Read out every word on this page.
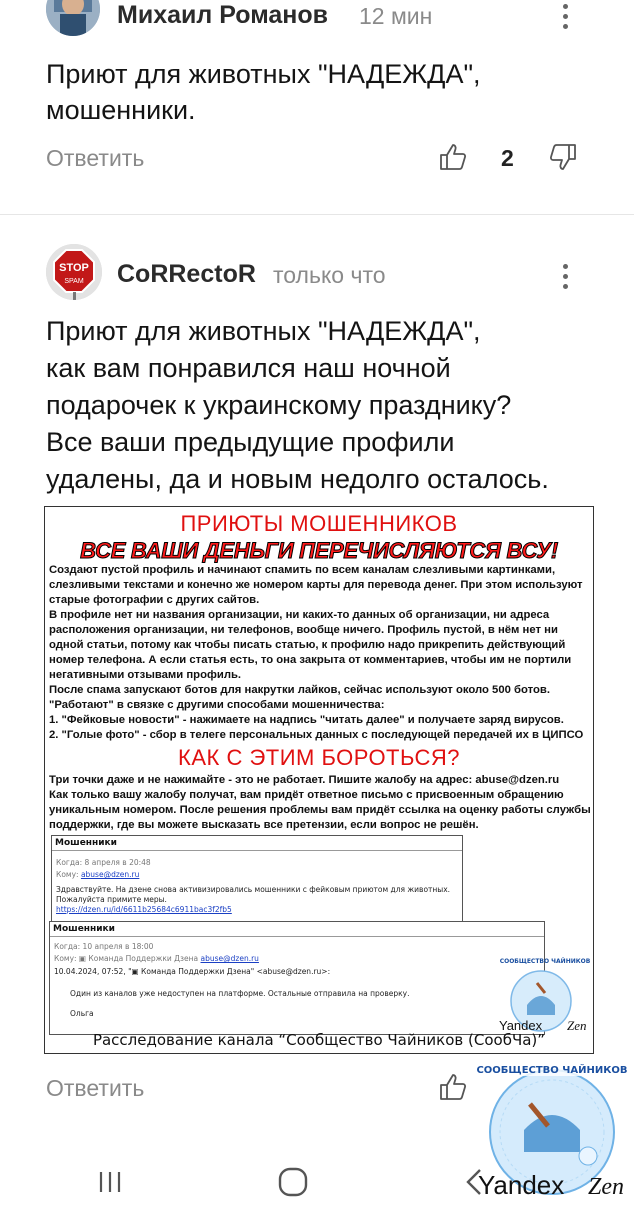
Михаил Романов 12 мин
Приют для животных "НАДЕЖДА",
мошенники.
Ответить	2
STOP
SPAM CoRRectoR только что
Приют для животных "НАДЕЖДА",
как вам понравился наш ночной
подарочек к украинскому празднику?
Все ваши предыдущие профили
удалены, да и новым недолго осталось.
ПРИЮТЫ МОШЕННИКОВ
ВСЕ ВАШИ ДЕНЬГИ ПЕРЕЧИСЛЯЮТСЯ ВСУ!

Создают пустой профиль и начинают спамить по всем каналам слезливыми картинками, слезливыми текстами и конечно же номером карты для перевода денег. При этом используют старые фотографии с других сайтов.

В профиле нет ни названия организации, ни каких-то данных об организации, ни адреса расположения организации, ни телефонов, вообще ничего. Профиль пустой, в нём нет ни одной статьи, потому как чтобы писать статью, к профилю надо прикрепить действующий номер телефона. А если статья есть, то она закрыта от комментариев, чтобы им не портили негативными отзывами профиль.

После спама запускают ботов для накрутки лайков, сейчас используют около 500 ботов.

"Работают" в связке с другими способами мошенничества:

1. "Фейковые новости" - нажимаете на надпись "читать далее" и получаете заряд вирусов.

2. "Голые фото" - сбор в телеге персональных данных с последующей передачей их в ЦИПСО

КАК С ЭТИМ БОРОТЬСЯ?

Три точки даже и не нажимайте - это не работает. Пишите жалобу на адрес: abuse@dzen.ru

Как только вашу жалобу получат, вам придёт ответное письмо с присвоенным обращению уникальным номером. После решения проблемы вам придёт ссылка на оценку работы службы поддержки, где вы можете высказать все претензии, если вопрос не решён.

Мошенники
Когда: 8 апреля в 20:48
Кому: abuse@dzen.ru
Здравствуйте. На дзене снова активизировались мошенники с фейковым приютом для животных.
Пожалуйста примите меры.
https://dzen.ru/id/6611b25684c6911bac3f2fb5
Мошенники
Когда: 10 апреля в 18:00
Кому: ▣ Команда Поддержки Дзена abuse@dzen.ru
10.04.2024, 07:52, "▣ Команда Поддержки Дзена" <abuse@dzen.ru>:
Один из каналов уже недоступен на платформе. Остальные отправила на проверку.
Ольга
СООБЩЕСТВО ЧАЙНИКОВ
Yandex Zen
Расследование канала “Сообщество Чайников (СообЧа)”
Ответить
СООБЩЕСТВО ЧАЙНИКОВ
Yandex Zen
